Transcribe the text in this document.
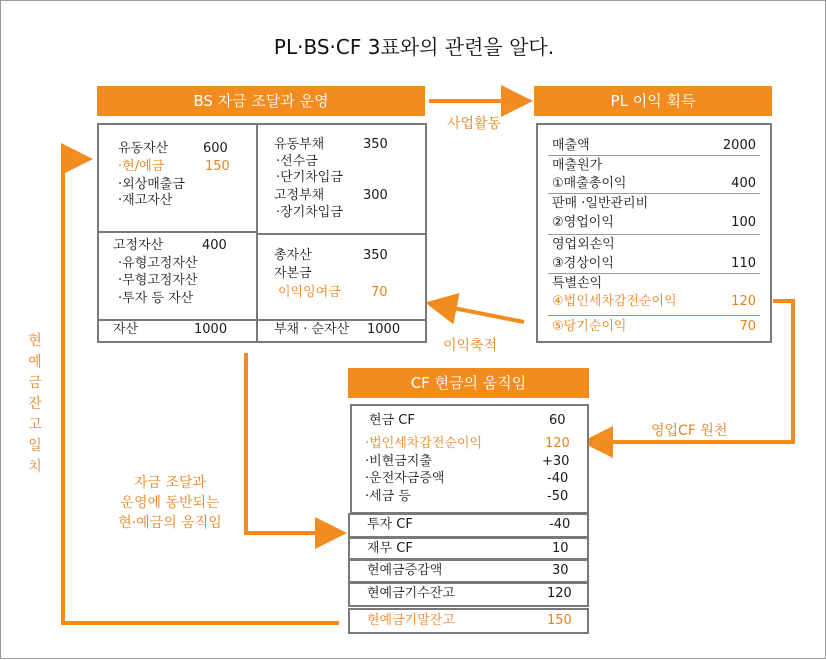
PL·BS·CF 3표와의 관련을 알다.
BS 자금 조달과 운영
유동자산	600
·현/예금	150
·외상매출금
·재고자산
고정자산	400
·유형고정자산
·무형고정자산
·투자 등 자산
자산	1000
유동부채	350
·선수금
·단기차입금
고정부채	300
·장기차입금
총자산	350
자본금
이익잉여금 70
부채 · 순자산 1000
사업활동
이익축적
영업CF 원천
자금 조달과
운영에 동반되는
현·예금의 움직임
현예금잔고 일치
PL 이익 획득
매출액	2000
매출원가
①매출총이익	400
판매 ·일반관리비
②영업이익	100
영업외손익
③경상이익	110
특별손익
④법인세차감전순이익	120
⑤당기순이익	70
CF 현금의 움직임
현금 CF	60
·법인세차감전순이익	120
·비현금지출	+30
·운전자금증액	-40
·세금 등	-50
투자 CF	-40
재무 CF	10
현예금증감액	30
현예금기수잔고	120
현예금기말잔고	150
